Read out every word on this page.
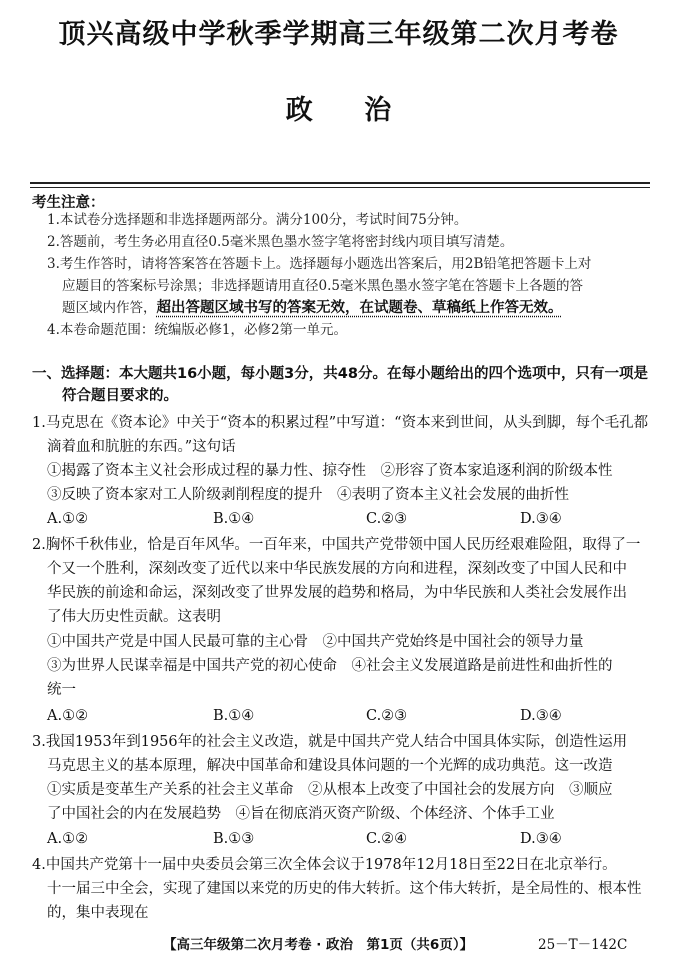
顶兴高级中学秋季学期高三年级第二次月考卷
政 治
考生注意：
1.本试卷分选择题和非选择题两部分。满分100分，考试时间75分钟。
2.答题前，考生务必用直径0.5毫米黑色墨水签字笔将密封线内项目填写清楚。
3.考生作答时，请将答案答在答题卡上。选择题每小题选出答案后，用2B铅笔把答题卡上对
应题目的答案标号涂黑；非选择题请用直径0.5毫米黑色墨水签字笔在答题卡上各题的答
题区域内作答，超出答题区域书写的答案无效，在试题卷、草稿纸上作答无效。
4.本卷命题范围：统编版必修1，必修2第一单元。
一、选择题：本大题共16小题，每小题3分，共48分。在每小题给出的四个选项中，只有一项是
符合题目要求的。
1.马克思在《资本论》中关于“资本的积累过程”中写道：“资本来到世间，从头到脚，每个毛孔都
滴着血和肮脏的东西。”这句话
①揭露了资本主义社会形成过程的暴力性、掠夺性　②形容了资本家追逐利润的阶级本性
③反映了资本家对工人阶级剥削程度的提升　④表明了资本主义社会发展的曲折性
A.①②	B.①④	C.②③	D.③④
2.胸怀千秋伟业，恰是百年风华。一百年来，中国共产党带领中国人民历经艰难险阻，取得了一
个又一个胜利，深刻改变了近代以来中华民族发展的方向和进程，深刻改变了中国人民和中
华民族的前途和命运，深刻改变了世界发展的趋势和格局，为中华民族和人类社会发展作出
了伟大历史性贡献。这表明
①中国共产党是中国人民最可靠的主心骨　②中国共产党始终是中国社会的领导力量
③为世界人民谋幸福是中国共产党的初心使命　④社会主义发展道路是前进性和曲折性的
统一
A.①②	B.①④	C.②③	D.③④
3.我国1953年到1956年的社会主义改造，就是中国共产党人结合中国具体实际，创造性运用
马克思主义的基本原理，解决中国革命和建设具体问题的一个光辉的成功典范。这一改造
①实质是变革生产关系的社会主义革命　②从根本上改变了中国社会的发展方向　③顺应
了中国社会的内在发展趋势　④旨在彻底消灭资产阶级、个体经济、个体手工业
A.①②	B.①③	C.②④	D.③④
4.中国共产党第十一届中央委员会第三次全体会议于1978年12月18日至22日在北京举行。
十一届三中全会，实现了建国以来党的历史的伟大转折。这个伟大转折，是全局性的、根本性
的，集中表现在
【高三年级第二次月考卷 · 政治　第1页（共6页）】	25－T－142C
